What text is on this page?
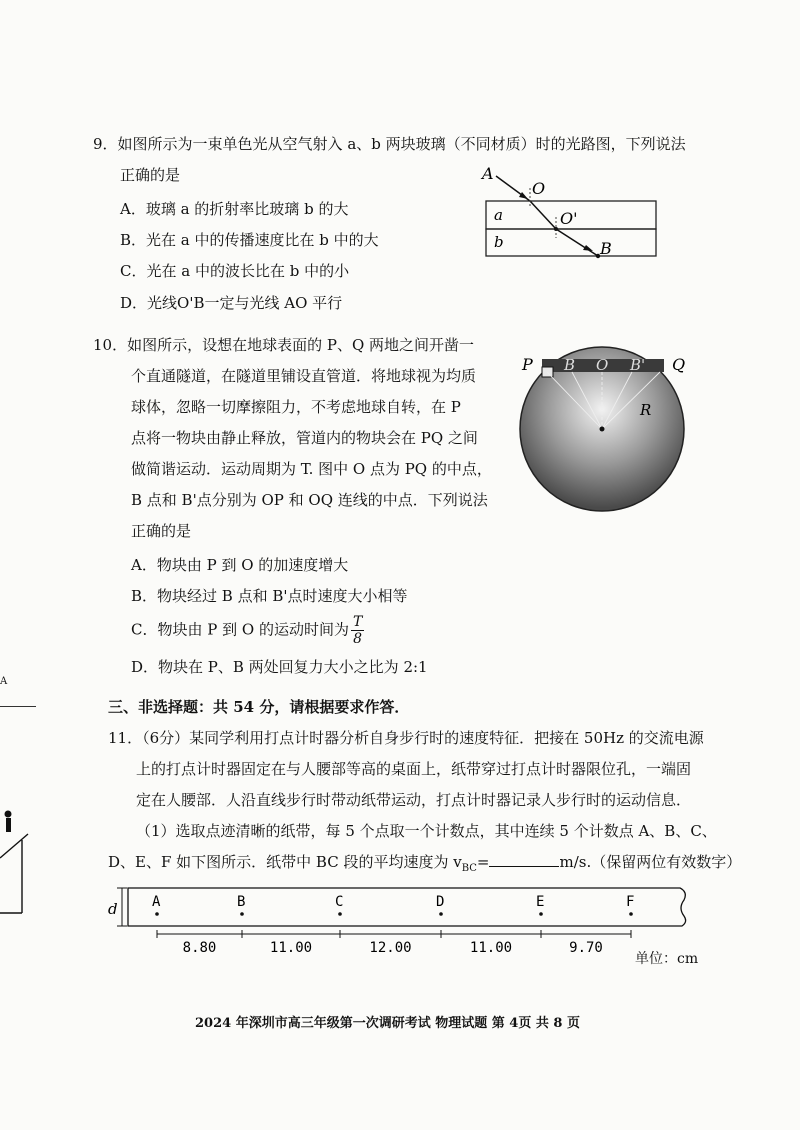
9．如图所示为一束单色光从空气射入 a、b 两块玻璃（不同材质）时的光路图，下列说法
正确的是
A．玻璃 a 的折射率比玻璃 b 的大
B．光在 a 中的传播速度比在 b 中的大
C．光在 a 中的波长比在 b 中的小
D．光线O'B一定与光线 AO 平行
A
O
O'
B
a
b
10．如图所示，设想在地球表面的 P、Q 两地之间开凿一
个直通隧道，在隧道里铺设直管道．将地球视为均质
球体，忽略一切摩擦阻力，不考虑地球自转，在 P
点将一物块由静止释放，管道内的物块会在 PQ 之间
做简谐运动．运动周期为 T. 图中 O 点为 PQ 的中点，
B 点和 B'点分别为 OP 和 OQ 连线的中点．下列说法
正确的是
A．物块由 P 到 O 的加速度增大
B．物块经过 B 点和 B'点时速度大小相等
C．物块由 P 到 O 的运动时间为 $\frac{T}{8}$
D．物块在 P、B 两处回复力大小之比为 2:1
P B O B' Q
R
三、非选择题：共 54 分，请根据要求作答．
11．（6分）某同学利用打点计时器分析自身步行时的速度特征．把接在 50Hz 的交流电源
上的打点计时器固定在与人腰部等高的桌面上，纸带穿过打点计时器限位孔，一端固
定在人腰部．人沿直线步行时带动纸带运动，打点计时器记录人步行时的运动信息．
（1）选取点迹清晰的纸带，每 5 个点取一个计数点，其中连续 5 个计数点 A、B、C、
D、E、F 如下图所示．纸带中 BC 段的平均速度为 $v_{BC}=$	m/s.（保留两位有效数字）
d A	B	C	D	E	F
8.80	11.00	12.00	11.00	9.70
单位：cm
A
2024 年深圳市高三年级第一次调研考试 物理试题 第 4页 共 8 页
